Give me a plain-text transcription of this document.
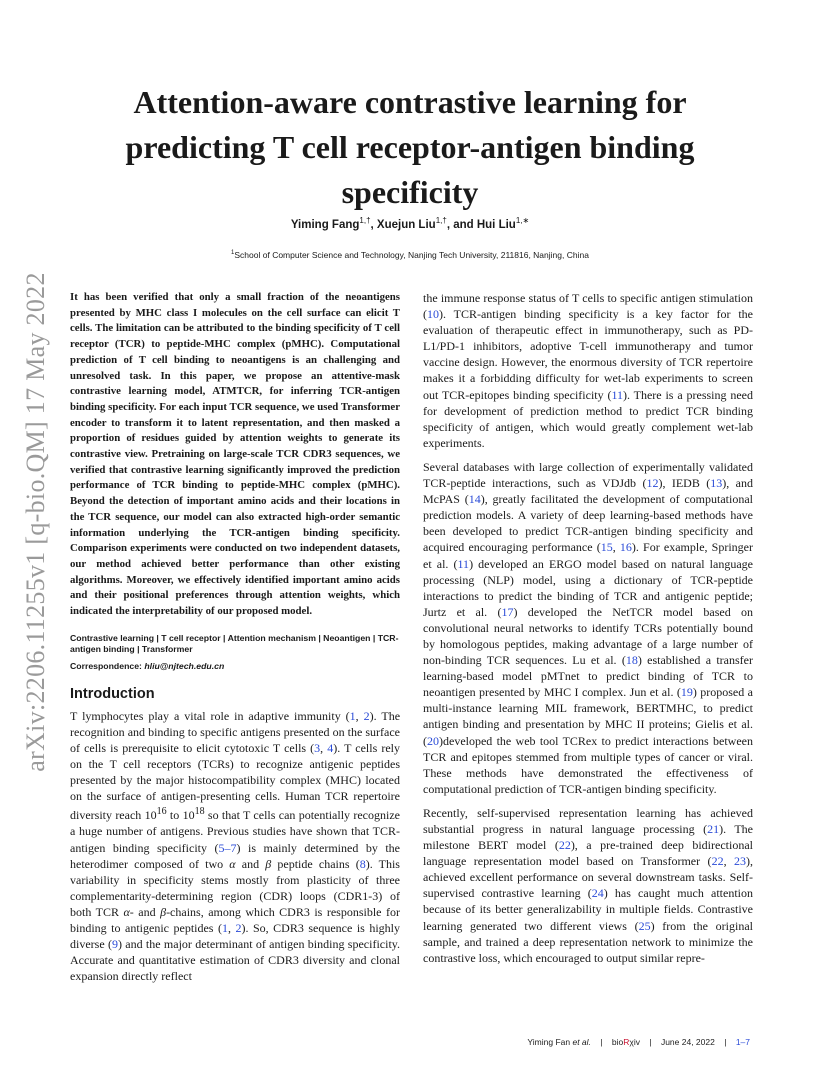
arXiv:2206.11255v1 [q-bio.QM] 17 May 2022
Attention-aware contrastive learning for predicting T cell receptor-antigen binding specificity
Yiming Fang$^{1,\dagger}$, Xuejun Liu$^{1,\dagger}$, and Hui Liu$^{1,∗}$
$^1$School of Computer Science and Technology, Nanjing Tech University, 211816, Nanjing, China

It has been verified that only a small fraction of the neoantigens presented by MHC class I molecules on the cell surface can elicit T cells. The limitation can be attributed to the binding specificity of T cell receptor (TCR) to peptide-MHC complex (pMHC). Computational prediction of T cell binding to neoantigens is an challenging and unresolved task. In this paper, we propose an attentive-mask contrastive learning model, ATMTCR, for inferring TCR-antigen binding specificity. For each input TCR sequence, we used Transformer encoder to transform it to latent representation, and then masked a proportion of residues guided by attention weights to generate its contrastive view. Pretraining on large-scale TCR CDR3 sequences, we verified that contrastive learning significantly improved the prediction performance of TCR binding to peptide-MHC complex (pMHC). Beyond the detection of important amino acids and their locations in the TCR sequence, our model can also extracted high-order semantic information underlying the TCR-antigen binding specificity. Comparison experiments were conducted on two independent datasets, our method achieved better performance than other existing algorithms. Moreover, we effectively identified important amino acids and their positional preferences through attention weights, which indicated the interpretability of our proposed model.

Contrastive learning | T cell receptor | Attention mechanism | Neoantigen | TCR-antigen binding | Transformer

Correspondence: hliu@njtech.edu.cn

Introduction

T lymphocytes play a vital role in adaptive immunity (1, 2). The recognition and binding to specific antigens presented on the surface of cells is prerequisite to elicit cytotoxic T cells (3, 4). T cells rely on the T cell receptors (TCRs) to recognize antigenic peptides presented by the major histocompatibility complex (MHC) located on the surface of antigen-presenting cells. Human TCR repertoire diversity reach $10^{16}$ to $10^{18}$ so that T cells can potentially recognize a huge number of antigens. Previous studies have shown that TCR-antigen binding specificity (5–7) is mainly determined by the heterodimer composed of two α and β peptide chains (8). This variability in specificity stems mostly from plasticity of three complementarity-determining region (CDR) loops (CDR1-3) of both TCR α- and β-chains, among which CDR3 is responsible for binding to antigenic peptides (1, 2). So, CDR3 sequence is highly diverse (9) and the major determinant of antigen binding specificity. Accurate and quantitative estimation of CDR3 diversity and clonal expansion directly reflect

the immune response status of T cells to specific antigen stimulation (10). TCR-antigen binding specificity is a key factor for the evaluation of therapeutic effect in immunotherapy, such as PD-L1/PD-1 inhibitors, adoptive T-cell immunotherapy and tumor vaccine design. However, the enormous diversity of TCR repertoire makes it a forbidding difficulty for wet-lab experiments to screen out TCR-epitopes binding specificity (11). There is a pressing need for development of prediction method to predict TCR binding specificity of antigen, which would greatly complement wet-lab experiments.

Several databases with large collection of experimentally validated TCR-peptide interactions, such as VDJdb (12), IEDB (13), and McPAS (14), greatly facilitated the development of computational prediction models. A variety of deep learning-based methods have been developed to predict TCR-antigen binding specificity and acquired encouraging performance (15, 16). For example, Springer et al. (11) developed an ERGO model based on natural language processing (NLP) model, using a dictionary of TCR-peptide interactions to predict the binding of TCR and antigenic peptide; Jurtz et al. (17) developed the NetTCR model based on convolutional neural networks to identify TCRs potentially bound by homologous peptides, making advantage of a large number of non-binding TCR sequences. Lu et al. (18) established a transfer learning-based model pMTnet to predict binding of TCR to neoantigen presented by MHC I complex. Jun et al. (19) proposed a multi-instance learning MIL framework, BERTMHC, to predict antigen binding and presentation by MHC II proteins; Gielis et al. (20)developed the web tool TCRex to predict interactions between TCR and epitopes stemmed from multiple types of cancer or viral. These methods have demonstrated the effectiveness of computational prediction of TCR-antigen binding specificity.

Recently, self-supervised representation learning has achieved substantial progress in natural language processing (21). The milestone BERT model (22), a pre-trained deep bidirectional language representation model based on Transformer (22, 23), achieved excellent performance on several downstream tasks. Self-supervised contrastive learning (24) has caught much attention because of its better generalizability in multiple fields. Contrastive learning generated two different views (25) from the original sample, and trained a deep representation network to minimize the contrastive loss, which encouraged to output similar repre-

Yiming Fan et al. | bioRχiv | June 24, 2022 | 1–7
